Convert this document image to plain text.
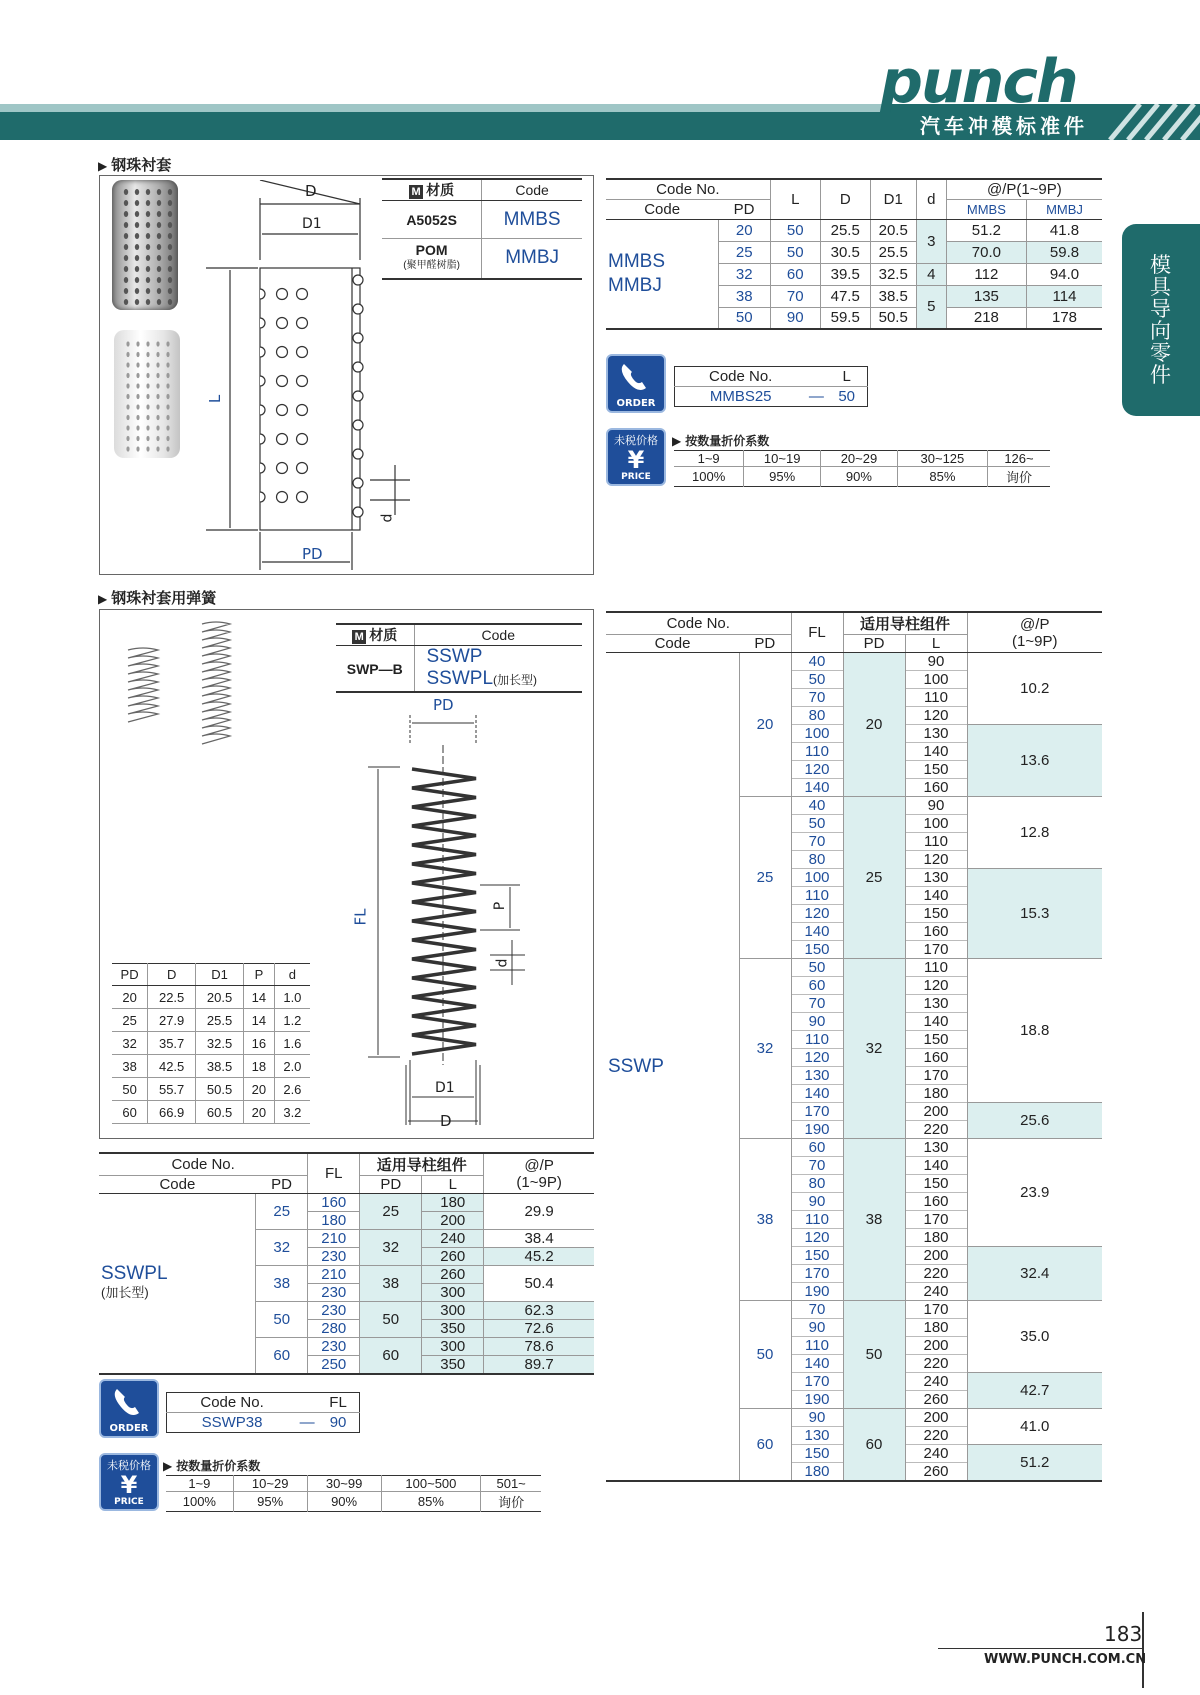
punch
汽车冲模标准件
模具导向零件
▶ 钢珠衬套
D
D1
L
PD
d
M 材质	Code
A5052S	MMBS
POM
(聚甲醛树脂)	MMBJ
Code No.		L	D	D1	d	@/P(1~9P)	
Code	PD					MMBS	MMBJ
MMBS
MMBJ	20	50	25.5	20.5	3	51.2	41.8
	25	50	30.5	25.5		70.0	59.8
	32	60	39.5	32.5	4	112	94.0
	38	70	47.5	38.5	5	135	114
	50	90	59.5	50.5		218	178
ORDER
Code No.		L
MMBS25	—	50
未税价格
¥
PRICE
▶ 按数量折价系数
1~9	10~19	20~29	30~125	126~
100%	95%	90%	85%	询价
▶ 钢珠衬套用弹簧
M 材质	Code
SWP—B	SSWP
SSWPL(加长型)
PD
FL
P
d
D1
D
PD	D	D1	P	d
20	22.5	20.5	14	1.0
25	27.9	25.5	14	1.2
32	35.7	32.5	16	1.6
38	42.5	38.5	18	2.0
50	55.7	50.5	20	2.6
60	66.9	60.5	20	3.2
Code No.		FL	适用导柱组件		@/P
(1~9P)
Code	PD		PD	L	
SSWPL
(加长型)	25	160	25	180	29.9
		180		200	
	32	210	32	240	38.4
		230		260	45.2
	38	210	38	260	50.4
		230		300	
	50	230	50	300	62.3
		280		350	72.6
	60	230	60	300	78.6
		250		350	89.7
ORDER
Code No.		FL
SSWP38	—	90
未税价格
¥
PRICE
▶ 按数量折价系数
1~9	10~29	30~99	100~500	501~
100%	95%	90%	85%	询价
Code No.		FL	适用导柱组件		@/P
(1~9P)
Code	PD		PD	L	
SSWP	20	40	20	90	10.2
		50		100	
		70		110	
		80		120	
		100		130	13.6
		110		140	
		120		150	
		140		160	
	25	40	25	90	12.8
		50		100	
		70		110	
		80		120	
		100		130	15.3
		110		140	
		120		150	
		140		160	
		150		170	
	32	50	32	110	18.8
		60		120	
		70		130	
		90		140	
		110		150	
		120		160	
		130		170	
		140		180	
		170		200	25.6
		190		220	
	38	60	38	130	23.9
		70		140	
		80		150	
		90		160	
		110		170	
		120		180	
		150		200	32.4
		170		220	
		190		240	
	50	70	50	170	35.0
		90		180	
		110		200	
		140		220	
		170		240	42.7
		190		260	
	60	90	60	200	41.0
		130		220	
		150		240	51.2
		180		260	
183
WWW.PUNCH.COM.CN
